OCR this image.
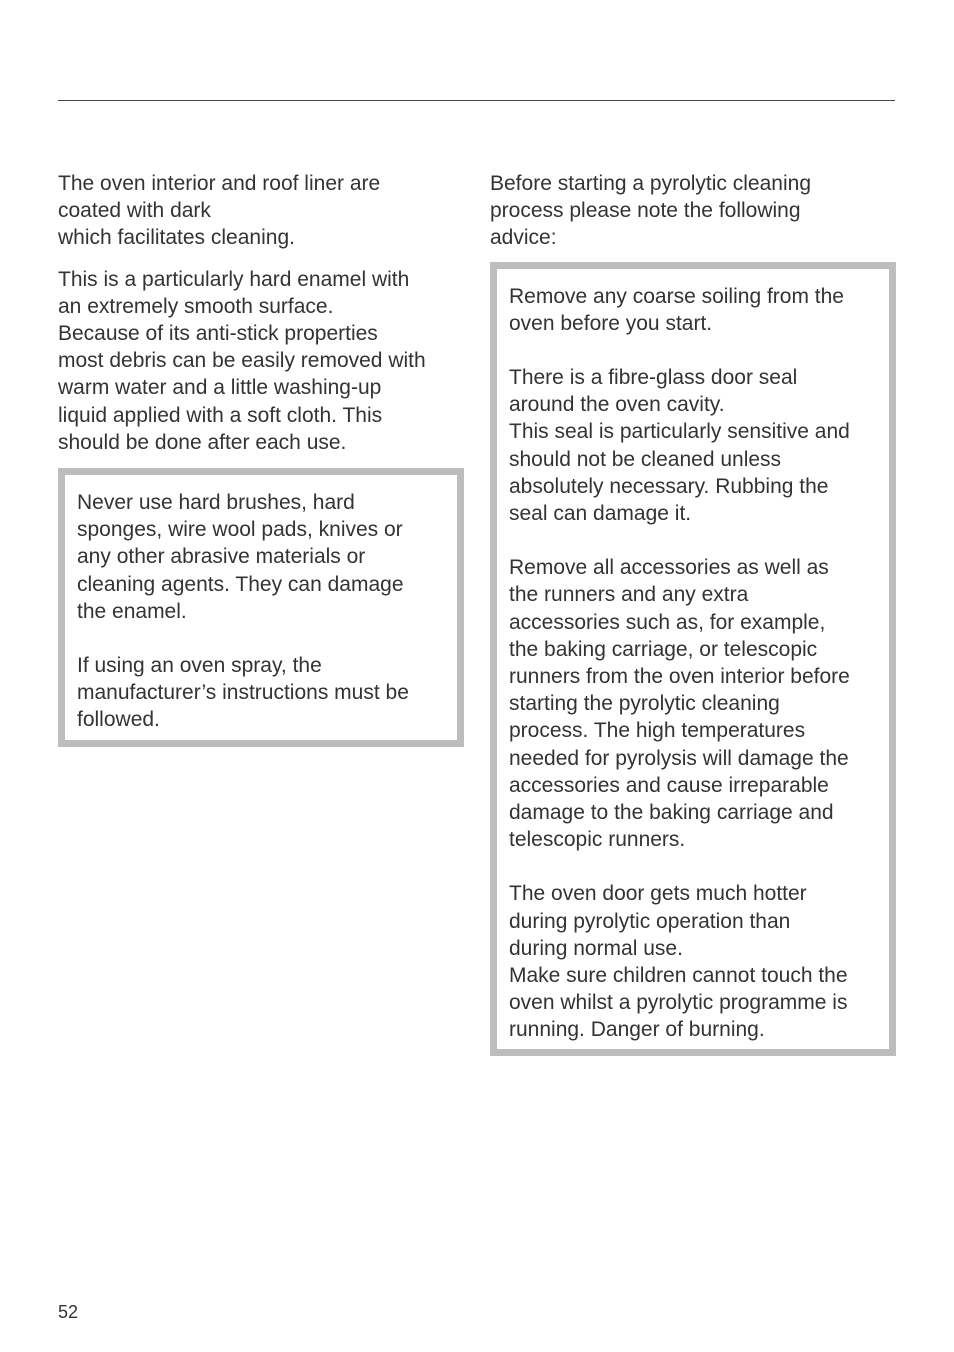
The oven interior and roof liner are
coated with dark
which facilitates cleaning.

This is a particularly hard enamel with
an extremely smooth surface.
Because of its anti-stick properties
most debris can be easily removed with
warm water and a little washing-up
liquid applied with a soft cloth. This
should be done after each use.

Never use hard brushes, hard
sponges, wire wool pads, knives or
any other abrasive materials or
cleaning agents. They can damage
the enamel.

If using an oven spray, the
manufacturer’s instructions must be
followed.

Before starting a pyrolytic cleaning
process please note the following
advice:

Remove any coarse soiling from the
oven before you start.

There is a fibre-glass door seal
around the oven cavity.
This seal is particularly sensitive and
should not be cleaned unless
absolutely necessary. Rubbing the
seal can damage it.

Remove all accessories as well as
the runners and any extra
accessories such as, for example,
the baking carriage, or telescopic
runners from the oven interior before
starting the pyrolytic cleaning
process. The high temperatures
needed for pyrolysis will damage the
accessories and cause irreparable
damage to the baking carriage and
telescopic runners.

The oven door gets much hotter
during pyrolytic operation than
during normal use.
Make sure children cannot touch the
oven whilst a pyrolytic programme is
running. Danger of burning.

52
